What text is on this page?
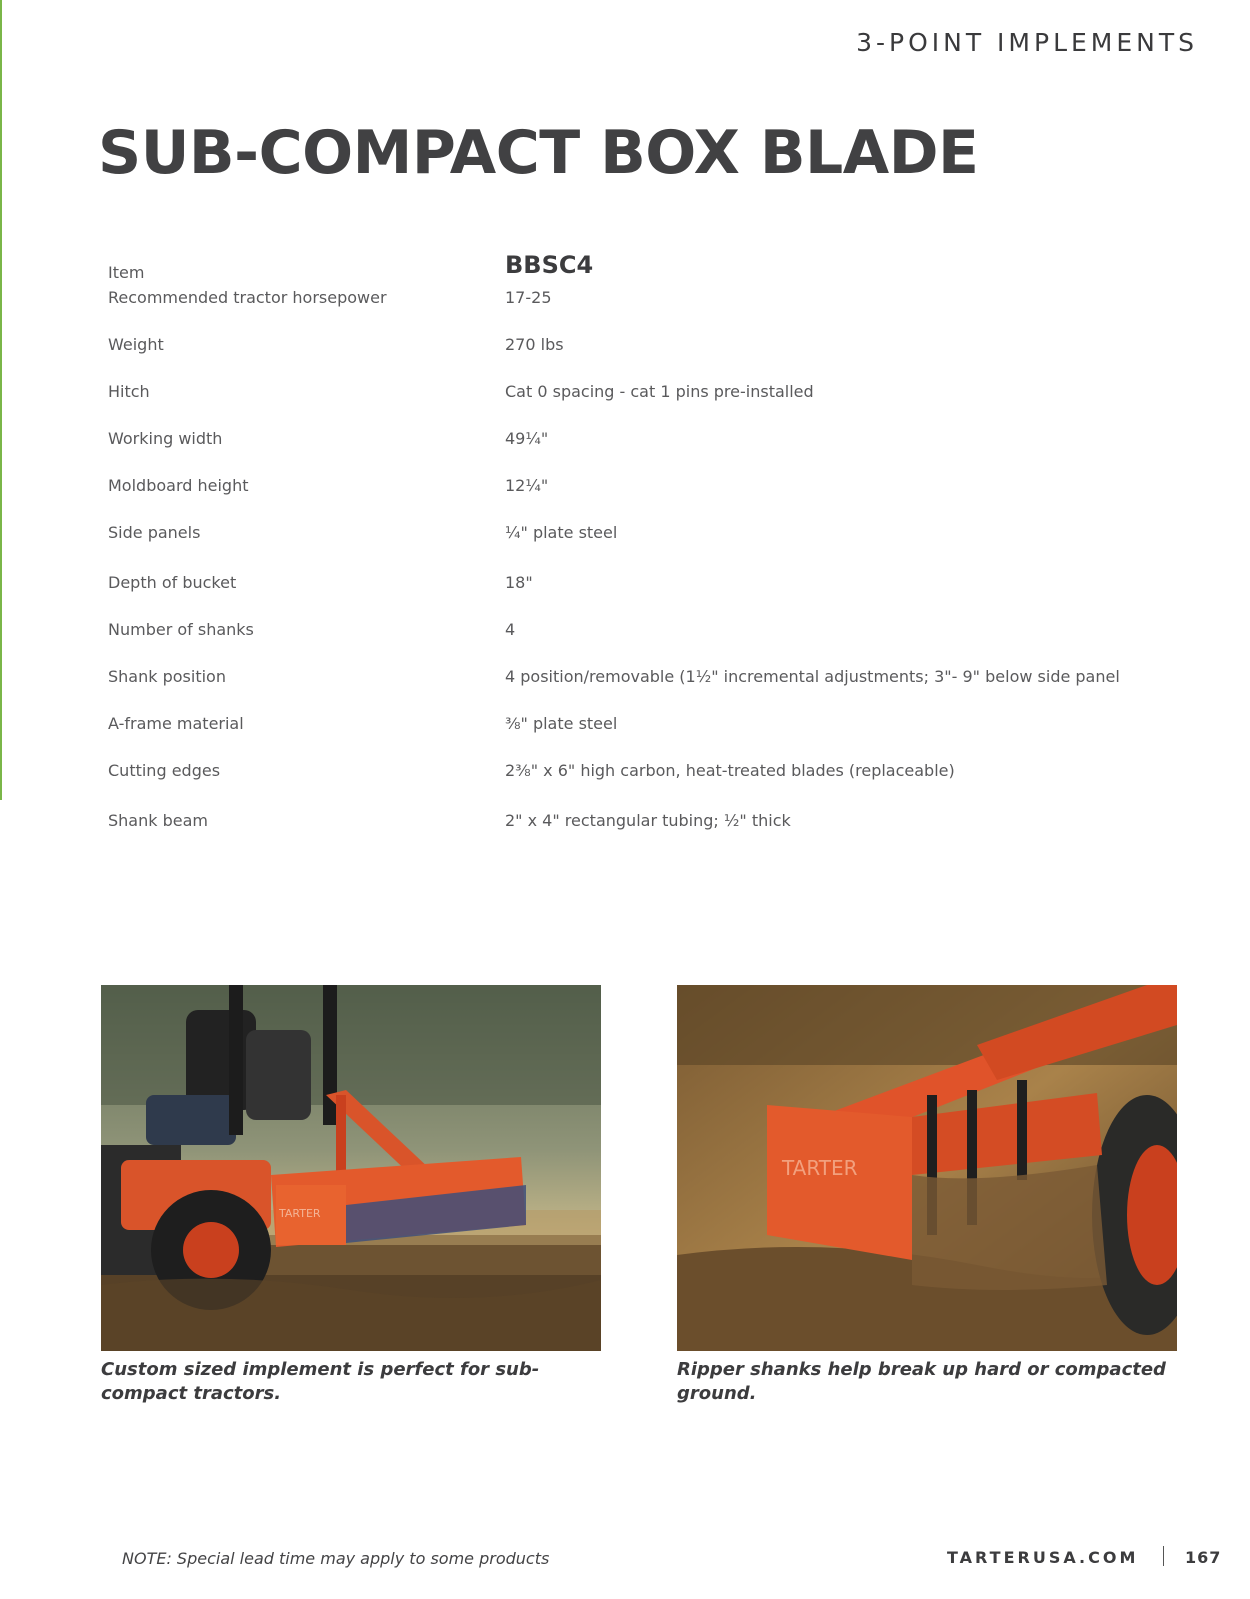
3-POINT IMPLEMENTS
SUB-COMPACT BOX BLADE
Item	BBSC4
Recommended tractor horsepower	17-25
Weight	270 lbs
Hitch	Cat 0 spacing - cat 1 pins pre-installed
Working width	49¼"
Moldboard height	12¼"
Side panels	¼" plate steel
Depth of bucket	18"
Number of shanks	4
Shank position	4 position/removable (1½" incremental adjustments; 3"- 9" below side panel
A-frame material	⅜" plate steel
Cutting edges	2⅜" x 6" high carbon, heat-treated blades (replaceable)
Shank beam	2" x 4" rectangular tubing; ½" thick
TARTER
TARTER
Custom sized implement is perfect for sub-compact tractors.
Ripper shanks help break up hard or compacted ground.
NOTE: Special lead time may apply to some products	TARTERUSA.COM	167
